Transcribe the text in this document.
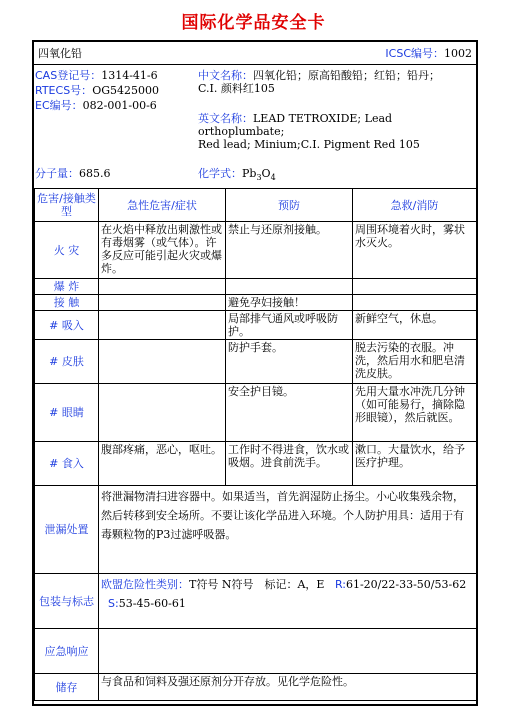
国际化学品安全卡
四氧化铅	ICSC编号：1002
CAS登记号：1314-41-6
RTECS号：OG5425000
EC编号：082-001-00-6
中文名称：四氧化铅；原高铅酸铅；红铅；铅丹；
C.I. 颜料红105
英文名称：LEAD TETROXIDE; Lead orthoplumbate;
Red lead; Minium;C.I. Pigment Red 105
分子量：685.6	化学式：$Pb_3O_4$
危害/接触类型	急性危害/症状	预防	急救/消防
火 灾	在火焰中释放出刺激性或有毒烟雾（或气体）。许多反应可能引起火灾或爆炸。	禁止与还原剂接触。	周围环境着火时，雾状水灭火。
爆 炸			
接 触		避免孕妇接触！	
# 吸入		局部排气通风或呼吸防护。	新鲜空气，休息。
# 皮肤		防护手套。	脱去污染的衣服。冲洗，然后用水和肥皂清洗皮肤。
# 眼睛		安全护目镜。	先用大量水冲洗几分钟（如可能易行，摘除隐形眼镜），然后就医。
# 食入	腹部疼痛，恶心，呕吐。	工作时不得进食，饮水或吸烟。进食前洗手。	漱口。大量饮水，给予医疗护理。
泄漏处置	将泄漏物清扫进容器中。如果适当，首先润湿防止扬尘。小心收集残余物，然后转移到安全场所。不要让该化学品进入环境。个人防护用具：适用于有毒颗粒物的P3过滤呼吸器。		
包装与标志	欧盟危险性类别：T符号 N符号　标记：A，E R:61-20/22-33-50/53-62   S:53-45-60-61		
应急响应			
储存	与食品和饲料及强还原剂分开存放。见化学危险性。		
